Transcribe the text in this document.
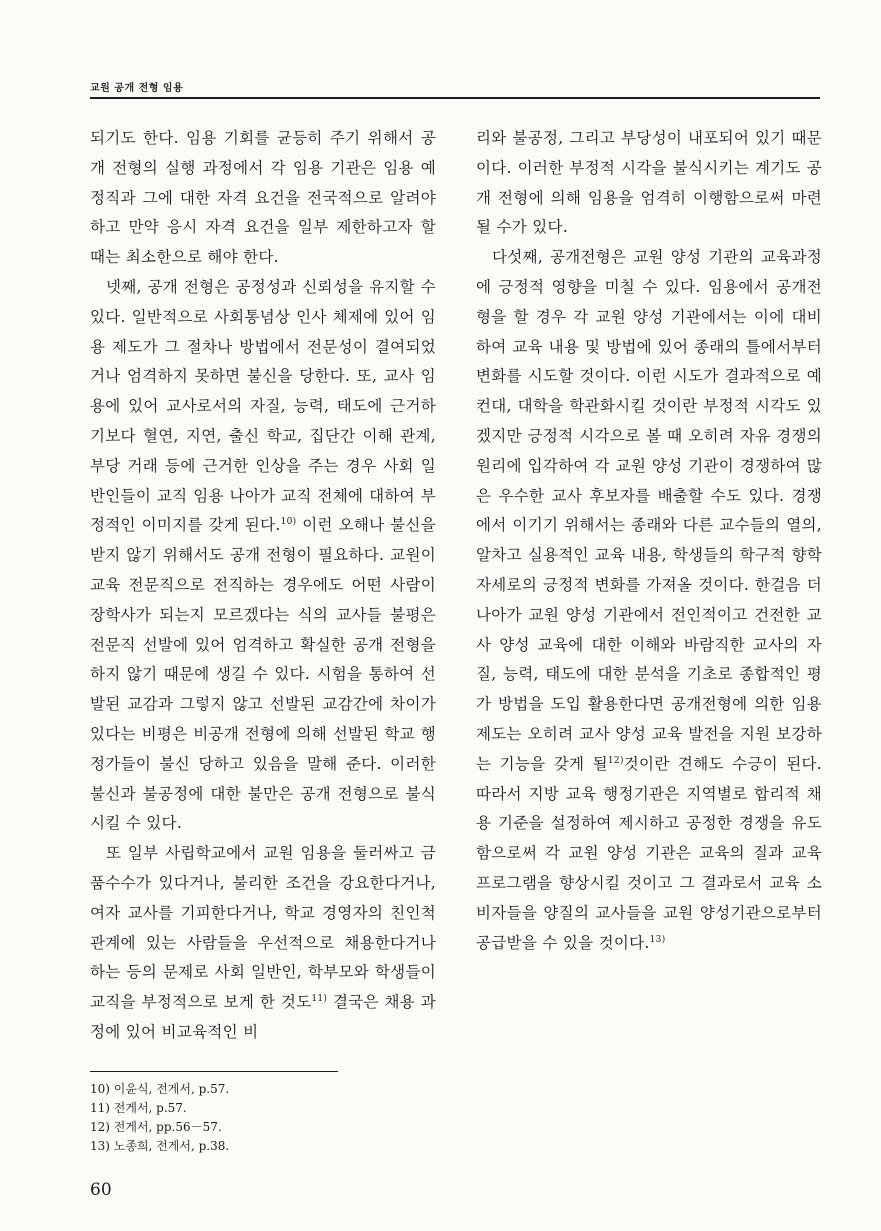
교원 공개 전형 임용

되기도 한다. 임용 기회를 균등히 주기 위해서 공개 전형의 실행 과정에서 각 임용 기관은 임용 예정직과 그에 대한 자격 요건을 전국적으로 알려야 하고 만약 응시 자격 요건을 일부 제한하고자 할 때는 최소한으로 해야 한다.

넷째, 공개 전형은 공정성과 신뢰성을 유지할 수 있다. 일반적으로 사회통념상 인사 체제에 있어 임용 제도가 그 절차나 방법에서 전문성이 결여되었거나 엄격하지 못하면 불신을 당한다. 또, 교사 임용에 있어 교사로서의 자질, 능력, 태도에 근거하기보다 혈연, 지연, 출신 학교, 집단간 이해 관계, 부당 거래 등에 근거한 인상을 주는 경우 사회 일반인들이 교직 임용 나아가 교직 전체에 대하여 부정적인 이미지를 갖게 된다.$^{10)}$ 이런 오해나 불신을 받지 않기 위해서도 공개 전형이 필요하다. 교원이 교육 전문직으로 전직하는 경우에도 어떤 사람이 장학사가 되는지 모르겠다는 식의 교사들 불평은 전문직 선발에 있어 엄격하고 확실한 공개 전형을 하지 않기 때문에 생길 수 있다. 시험을 통하여 선발된 교감과 그렇지 않고 선발된 교감간에 차이가 있다는 비평은 비공개 전형에 의해 선발된 학교 행정가들이 불신 당하고 있음을 말해 준다. 이러한 불신과 불공정에 대한 불만은 공개 전형으로 불식시킬 수 있다.

또 일부 사립학교에서 교원 임용을 둘러싸고 금품수수가 있다거나, 불리한 조건을 강요한다거나, 여자 교사를 기피한다거나, 학교 경영자의 친인척 관계에 있는 사람들을 우선적으로 채용한다거나 하는 등의 문제로 사회 일반인, 학부모와 학생들이 교직을 부정적으로 보게 한 것도$^{11)}$ 결국은 채용 과정에 있어 비교육적인 비

리와 불공정, 그리고 부당성이 내포되어 있기 때문이다. 이러한 부정적 시각을 불식시키는 계기도 공개 전형에 의해 임용을 엄격히 이행함으로써 마련될 수가 있다.

다섯째, 공개전형은 교원 양성 기관의 교육과정에 긍정적 영향을 미칠 수 있다. 임용에서 공개전형을 할 경우 각 교원 양성 기관에서는 이에 대비하여 교육 내용 및 방법에 있어 종래의 틀에서부터 변화를 시도할 것이다. 이런 시도가 결과적으로 예컨대, 대학을 학관화시킬 것이란 부정적 시각도 있겠지만 긍정적 시각으로 볼 때 오히려 자유 경쟁의 원리에 입각하여 각 교원 양성 기관이 경쟁하여 많은 우수한 교사 후보자를 배출할 수도 있다. 경쟁에서 이기기 위해서는 종래와 다른 교수들의 열의, 알차고 실용적인 교육 내용, 학생들의 학구적 향학 자세로의 긍정적 변화를 가져올 것이다. 한걸음 더 나아가 교원 양성 기관에서 전인적이고 건전한 교사 양성 교육에 대한 이해와 바람직한 교사의 자질, 능력, 태도에 대한 분석을 기초로 종합적인 평가 방법을 도입 활용한다면 공개전형에 의한 임용 제도는 오히려 교사 양성 교육 발전을 지원 보강하는 기능을 갖게 될$^{12)}$것이란 견해도 수긍이 된다. 따라서 지방 교육 행정기관은 지역별로 합리적 채용 기준을 설정하여 제시하고 공정한 경쟁을 유도함으로써 각 교원 양성 기관은 교육의 질과 교육 프로그램을 향상시킬 것이고 그 결과로서 교육 소비자들을 양질의 교사들을 교원 양성기관으로부터 공급받을 수 있을 것이다.$^{13)}$

10) 이윤식, 전게서, p.57.
11) 전게서, p.57.
12) 전게서, pp.56－57.
13) 노종희, 전게서, p.38.
60
